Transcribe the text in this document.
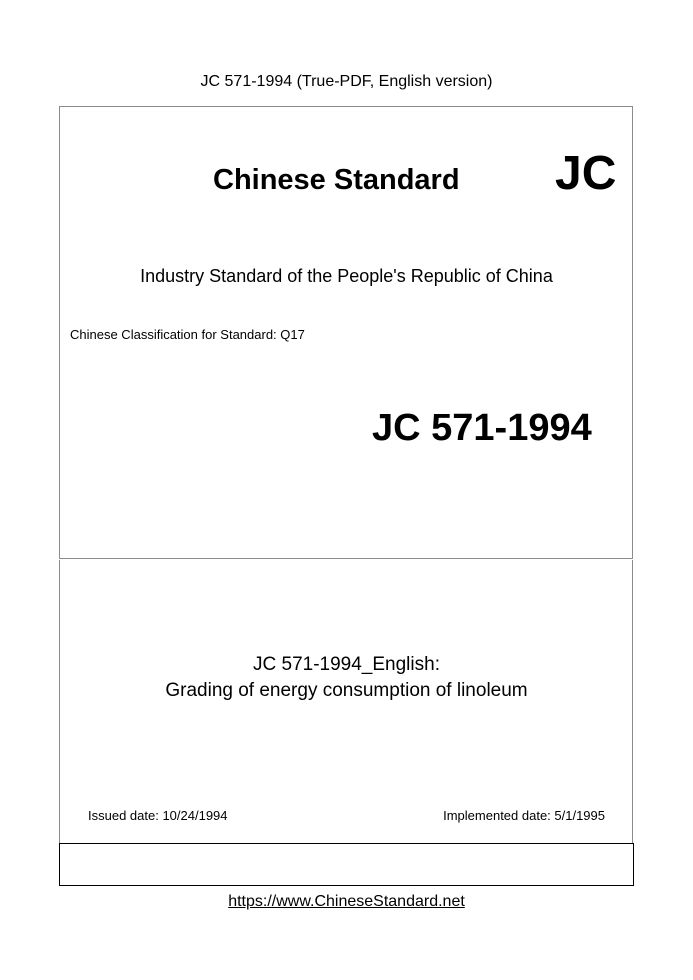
JC 571-1994 (True-PDF, English version)
Chinese Standard JC
Industry Standard of the People's Republic of China
Chinese Classification for Standard: Q17
JC 571-1994
JC 571-1994_English:
Grading of energy consumption of linoleum
Issued date: 10/24/1994	Implemented date: 5/1/1995
https://www.ChineseStandard.net
